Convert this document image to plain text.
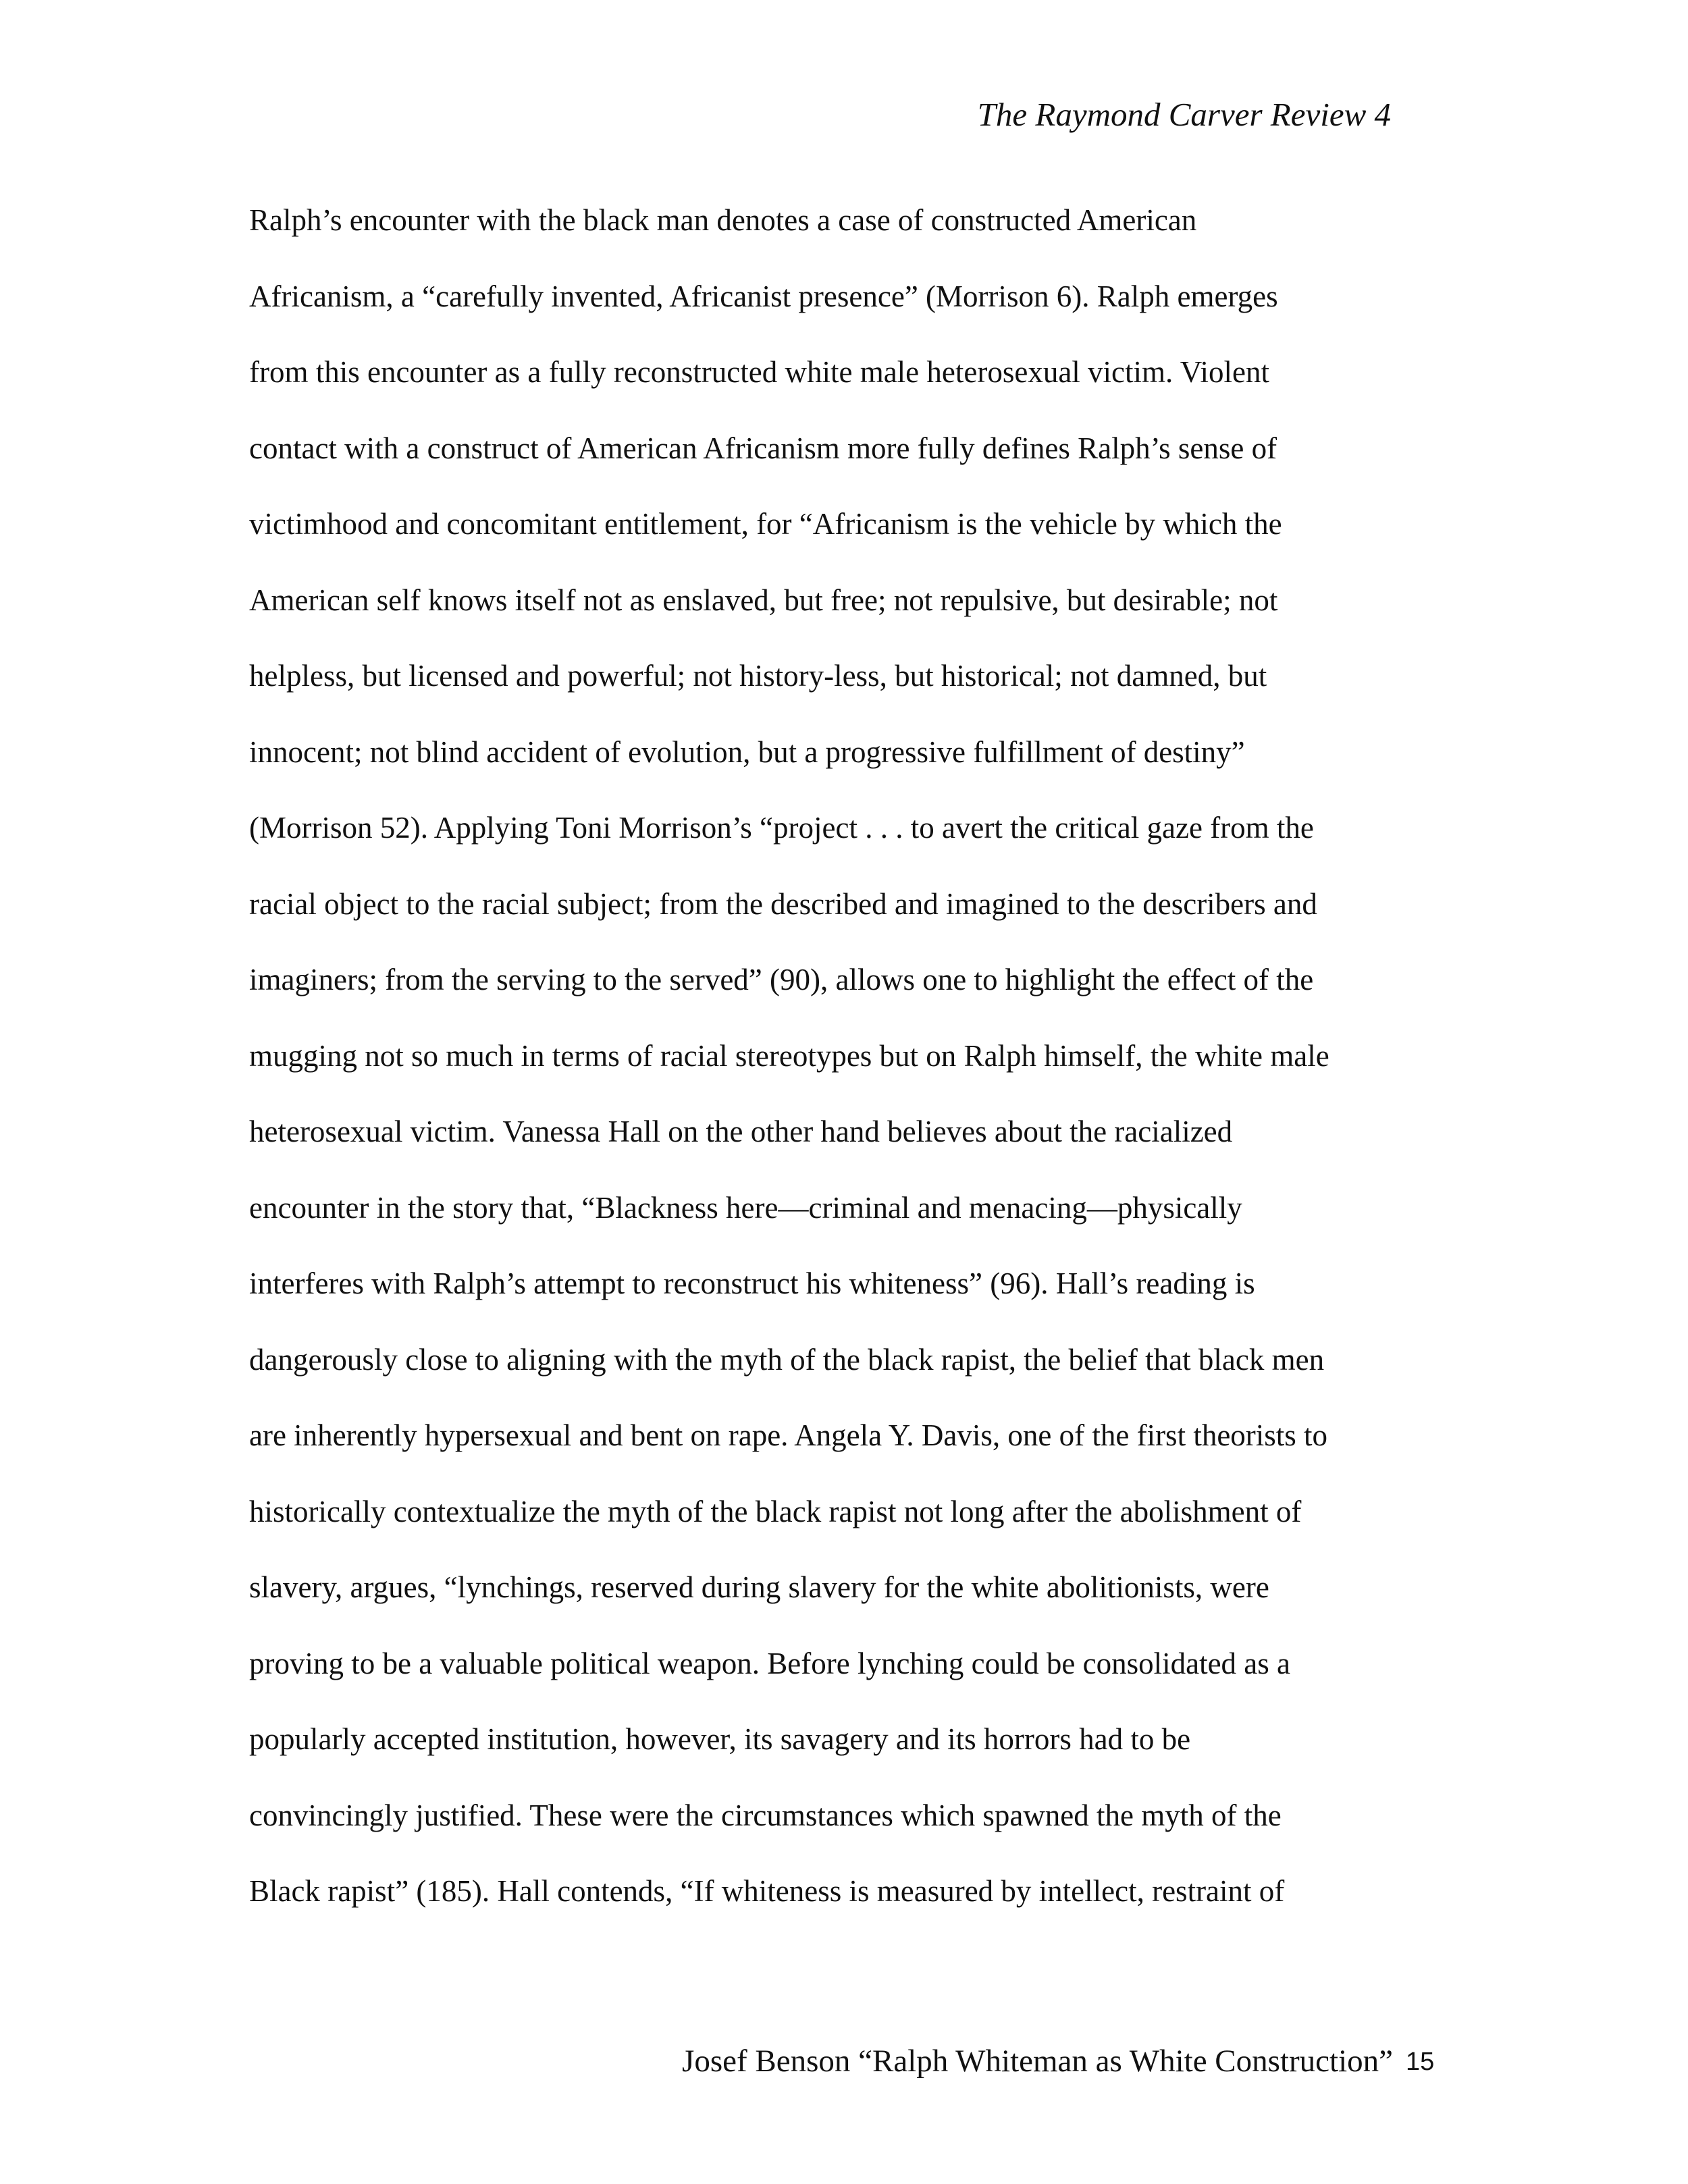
The Raymond Carver Review 4
Ralph’s encounter with the black man denotes a case of constructed American
Africanism, a “carefully invented, Africanist presence” (Morrison 6). Ralph emerges
from this encounter as a fully reconstructed white male heterosexual victim. Violent
contact with a construct of American Africanism more fully defines Ralph’s sense of
victimhood and concomitant entitlement, for “Africanism is the vehicle by which the
American self knows itself not as enslaved, but free; not repulsive, but desirable; not
helpless, but licensed and powerful; not history-less, but historical; not damned, but
innocent; not blind accident of evolution, but a progressive fulfillment of destiny”
(Morrison 52). Applying Toni Morrison’s “project . . . to avert the critical gaze from the
racial object to the racial subject; from the described and imagined to the describers and
imaginers; from the serving to the served” (90), allows one to highlight the effect of the
mugging not so much in terms of racial stereotypes but on Ralph himself, the white male
heterosexual victim. Vanessa Hall on the other hand believes about the racialized
encounter in the story that, “Blackness here—criminal and menacing—physically
interferes with Ralph’s attempt to reconstruct his whiteness” (96). Hall’s reading is
dangerously close to aligning with the myth of the black rapist, the belief that black men
are inherently hypersexual and bent on rape. Angela Y. Davis, one of the first theorists to
historically contextualize the myth of the black rapist not long after the abolishment of
slavery, argues, “lynchings, reserved during slavery for the white abolitionists, were
proving to be a valuable political weapon. Before lynching could be consolidated as a
popularly accepted institution, however, its savagery and its horrors had to be
convincingly justified. These were the circumstances which spawned the myth of the
Black rapist” (185). Hall contends, “If whiteness is measured by intellect, restraint of
Josef Benson “Ralph Whiteman as White Construction” 15
